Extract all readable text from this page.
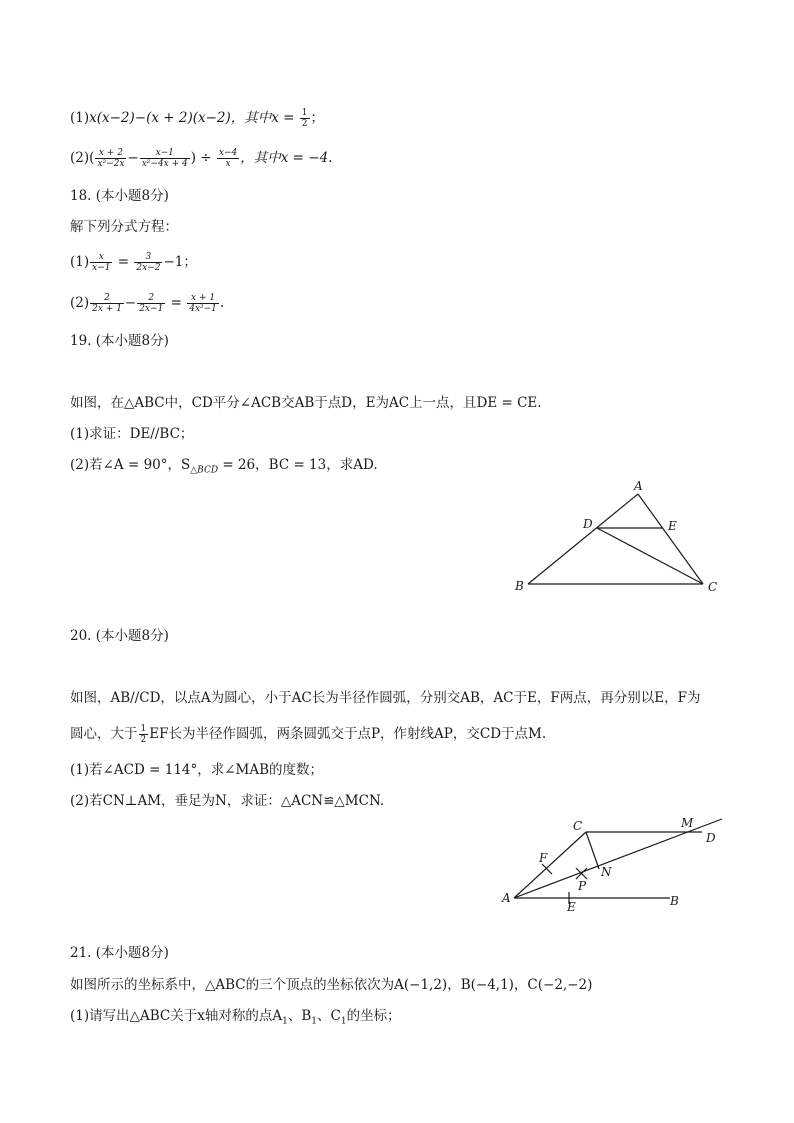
(1)x(x−2)−(x + 2)(x−2)，其中$x = \frac{1}{2}$ ；
$(2)( \frac{x + 2}{\text{x²−2x}} - \frac{x-1}{\text{x²−4x + 4}}$ ) ÷ $\frac{x-4}{x}$ ，其中x = −4.
18. (本小题8分)
解下列分式方程：
$(1) \frac{x}{x-1} = \frac{3}{2x-2} -1$；
$(2) \frac{2}{2x + 1} - \frac{2}{2x-1} = \frac{x + 1}{\text{4x²−1}}$ .
19. (本小题8分)
如图，在△ABC中，CD平分∠ACB交AB于点D，E为AC上一点，且DE = CE.
(1)求证：DE//BC；
(2)若∠A = 90°，$S_{\triangle BCD} = 26$，BC = 13，求AD.
A
B	C
D	E
20. (本小题8分)
如图，AB//CD，以点A为圆心，小于AC长为半径作圆弧，分别交AB，AC于E，F两点，再分别以E，F为
圆心，大于 $\frac{1}{2}$ EF长为半径作圆弧，两条圆弧交于点P，作射线AP，交CD于点M.
(1)若∠ACD = 114°，求∠MAB的度数；
(2)若CN⊥AM，垂足为N，求证：△ACN≌△MCN.
A	B
C
D
E
F
M
N
P
21. (本小题8分)
如图所示的坐标系中，△ABC的三个顶点的坐标依次为A(−1,2)，B(−4,1)，C(−2,−2)
(1)请写出△ABC关于x轴对称的点$A_1$、$B_1$、$C_1$的坐标；
